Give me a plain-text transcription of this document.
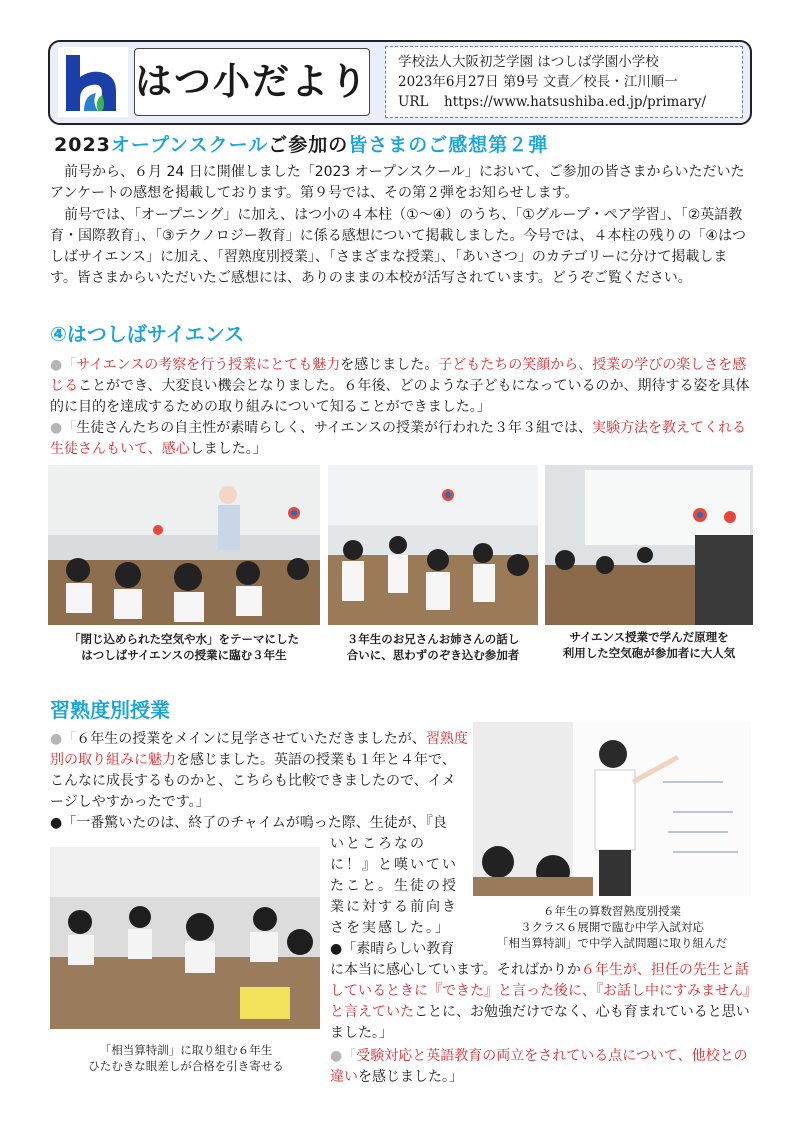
はつ小だより 学校法人大阪初芝学園 はつしば学園小学校
2023年6月27日 第9号 文責／校長・江川順一
URL https://www.hatsushiba.ed.jp/primary/
2023オープンスクールご参加の皆さまのご感想第２弾
前号から、６月 24 日に開催しました「2023 オープンスクール」において、ご参加の皆さまからいただいたアンケートの感想を掲載しております。第９号では、その第２弾をお知らせします。
前号では、「オープニング」に加え、はつ小の４本柱（①～④）のうち、「①グループ・ペア学習」、「②英語教育・国際教育」、「③テクノロジー教育」に係る感想について掲載しました。今号では、４本柱の残りの「④はつしばサイエンス」に加え、「習熟度別授業」、「さまざまな授業」、「あいさつ」のカテゴリーに分けて掲載します。皆さまからいただいたご感想には、ありのままの本校が活写されています。どうぞご覧ください。
④はつしばサイエンス
●「サイエンスの考察を行う授業にとても魅力を感じました。子どもたちの笑顔から、授業の学びの楽しさを感じることができ、大変良い機会となりました。６年後、どのような子どもになっているのか、期待する姿を具体的に目的を達成するための取り組みについて知ることができました。」
●「生徒さんたちの自主性が素晴らしく、サイエンスの授業が行われた３年３組では、実験方法を教えてくれる生徒さんもいて、感心しました。」
「閉じ込められた空気や水」をテーマにした
はつしばサイエンスの授業に臨む３年生
３年生のお兄さんお姉さんの話し
合いに、思わずのぞき込む参加者
サイエンス授業で学んだ原理を
利用した空気砲が参加者に大人気
習熟度別授業
●「６年生の授業をメインに見学させていただきましたが、習熟度別の取り組みに魅力を感じました。英語の授業も１年と４年で、こんなに成長するものかと、こちらも比較できましたので、イメージしやすかったです。」
●「一番驚いたのは、終了のチャイムが鳴った際、生徒が、『良
６年生の算数習熟度別授業
３クラス６展開で臨む中学入試対応
「相当算特訓」で中学入試問題に取り組んだ
「相当算特訓」に取り組む６年生
ひたむきな眼差しが合格を引き寄せる
いところなの
に！』と嘆いてい
たこと。生徒の授
業に対する前向き
さを実感した。」
●「素晴らしい教育
に本当に感心しています。そればかりか６年生が、担任の先生と話しているときに『できた』と言った後に、『お話し中にすみません』と言えていたことに、お勉強だけでなく、心も育まれていると思いました。」
●「受験対応と英語教育の両立をされている点について、他校との違いを感じました。」
